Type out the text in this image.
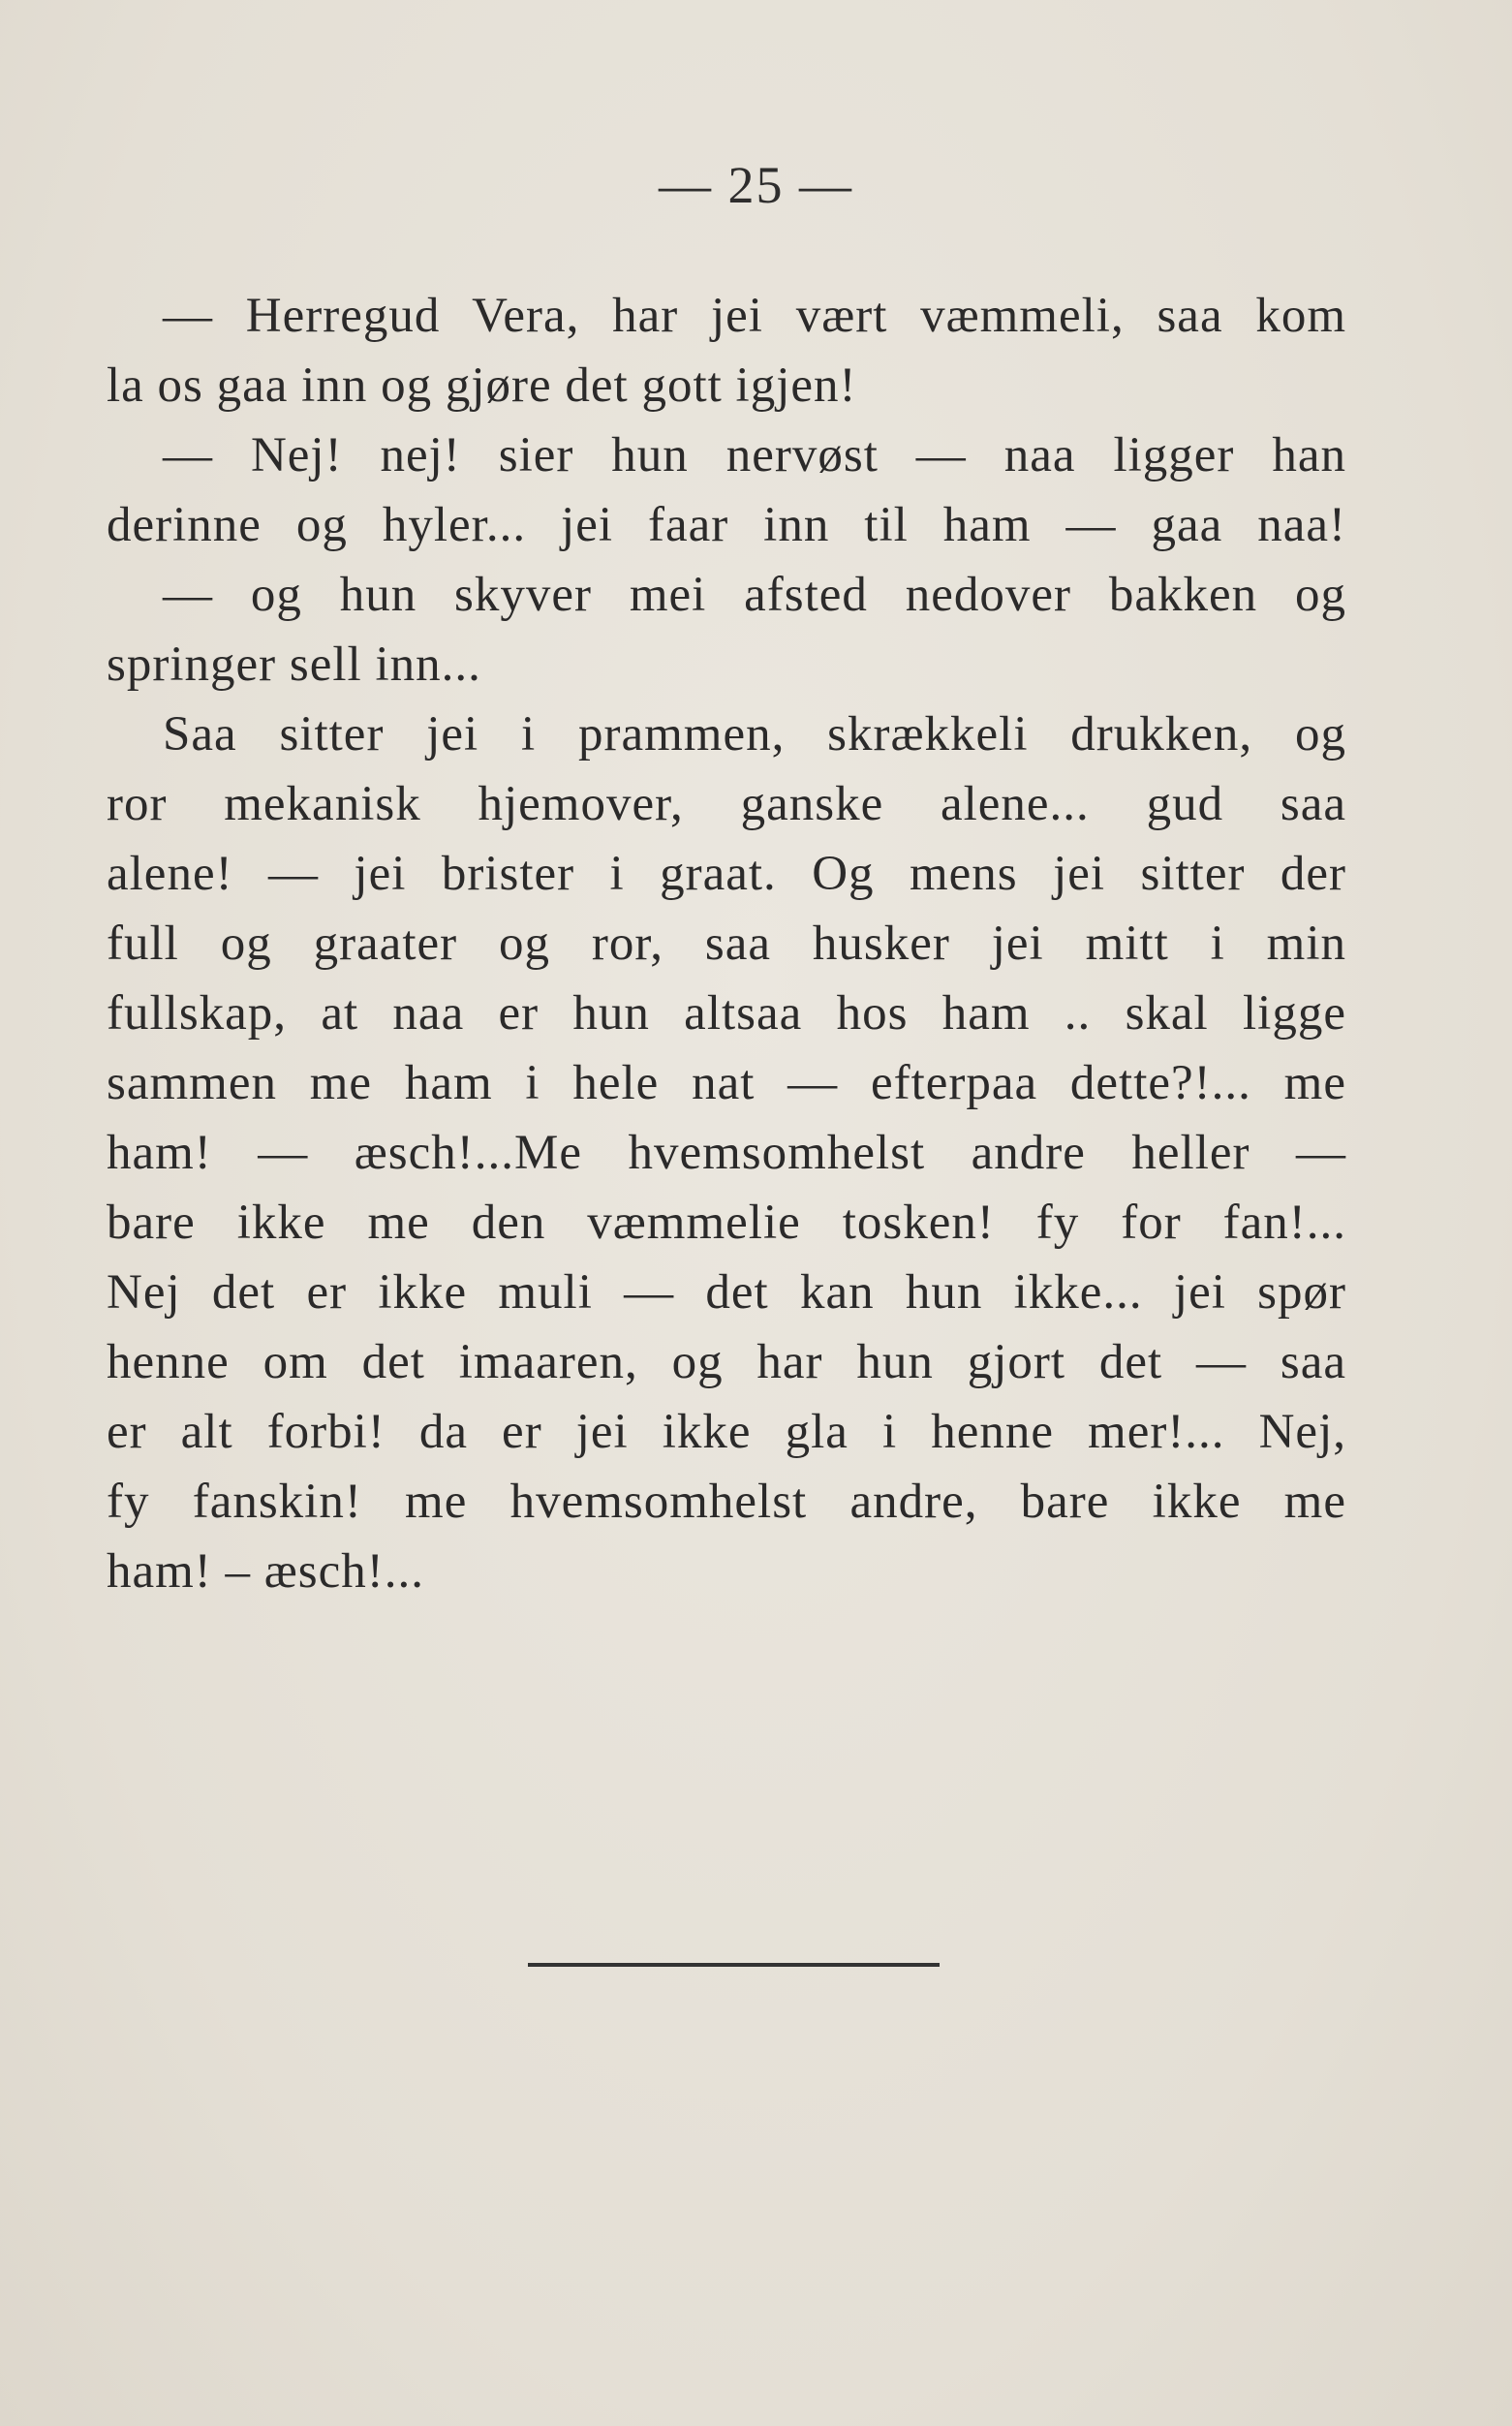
— 25 —
— Herregud Vera, har jei vært væmmeli, saa kom
la os gaa inn og gjøre det gott igjen!
— Nej! nej! sier hun nervøst — naa ligger han
derinne og hyler... jei faar inn til ham — gaa naa!
— og hun skyver mei afsted nedover bakken og
springer sell inn...
Saa sitter jei i prammen, skrækkeli drukken, og
ror mekanisk hjemover, ganske alene... gud saa
alene! — jei brister i graat. Og mens jei sitter der
full og graater og ror, saa husker jei mitt i min
fullskap, at naa er hun altsaa hos ham .. skal ligge
sammen me ham i hele nat — efterpaa dette?!... me
ham! — æsch!...Me hvemsomhelst andre heller —
bare ikke me den væmmelie tosken! fy for fan!...
Nej det er ikke muli — det kan hun ikke... jei spør
henne om det imaaren, og har hun gjort det — saa
er alt forbi! da er jei ikke gla i henne mer!... Nej,
fy fanskin! me hvemsomhelst andre, bare ikke me
ham! – æsch!...
